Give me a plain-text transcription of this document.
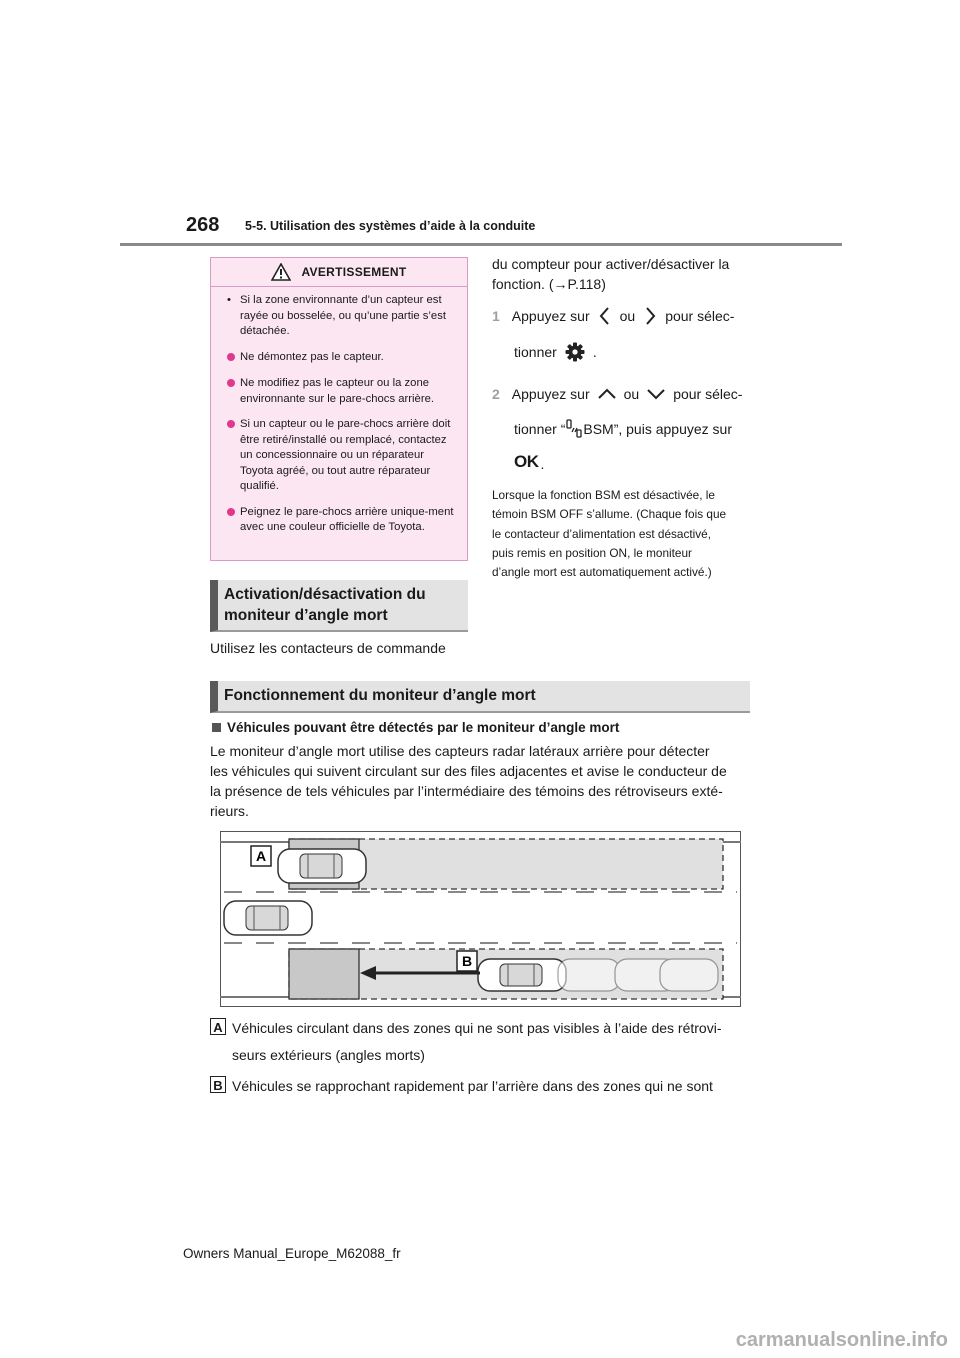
268 5-5. Utilisation des systèmes d’aide à la conduite
AVERTISSEMENT
• Si la zone environnante d’un capteur est rayée ou bosselée, ou qu’une partie s’est détachée.
Ne démontez pas le capteur.
Ne modifiez pas le capteur ou la zone environnante sur le pare-chocs arrière.
Si un capteur ou le pare-chocs arrière doit être retiré/installé ou remplacé, contactez un concessionnaire ou un réparateur Toyota agréé, ou tout autre réparateur qualifié.
Peignez le pare-chocs arrière unique-ment avec une couleur officielle de Toyota.
Activation/désactivation du
moniteur d’angle mort
Utilisez les contacteurs de commande
du compteur pour activer/désactiver la
fonction. (→P.118)
1 Appuyez sur ou pour sélec-
tionner	.
2 Appuyez sur ou pour sélec-
tionner “ BSM”, puis appuyez sur
OK .
Lorsque la fonction BSM est désactivée, le
témoin BSM OFF s’allume. (Chaque fois que
le contacteur d’alimentation est désactivé,
puis remis en position ON, le moniteur
d’angle mort est automatiquement activé.)
Fonctionnement du moniteur d’angle mort
Véhicules pouvant être détectés par le moniteur d’angle mort
Le moniteur d’angle mort utilise des capteurs radar latéraux arrière pour détecter
les véhicules qui suivent circulant sur des files adjacentes et avise le conducteur de
la présence de tels véhicules par l’intermédiaire des témoins des rétroviseurs exté-
rieurs.
A
B
A Véhicules circulant dans des zones qui ne sont pas visibles à l’aide des rétrovi-
seurs extérieurs (angles morts)
B Véhicules se rapprochant rapidement par l’arrière dans des zones qui ne sont
Owners Manual_Europe_M62088_fr
carmanualsonline.info
